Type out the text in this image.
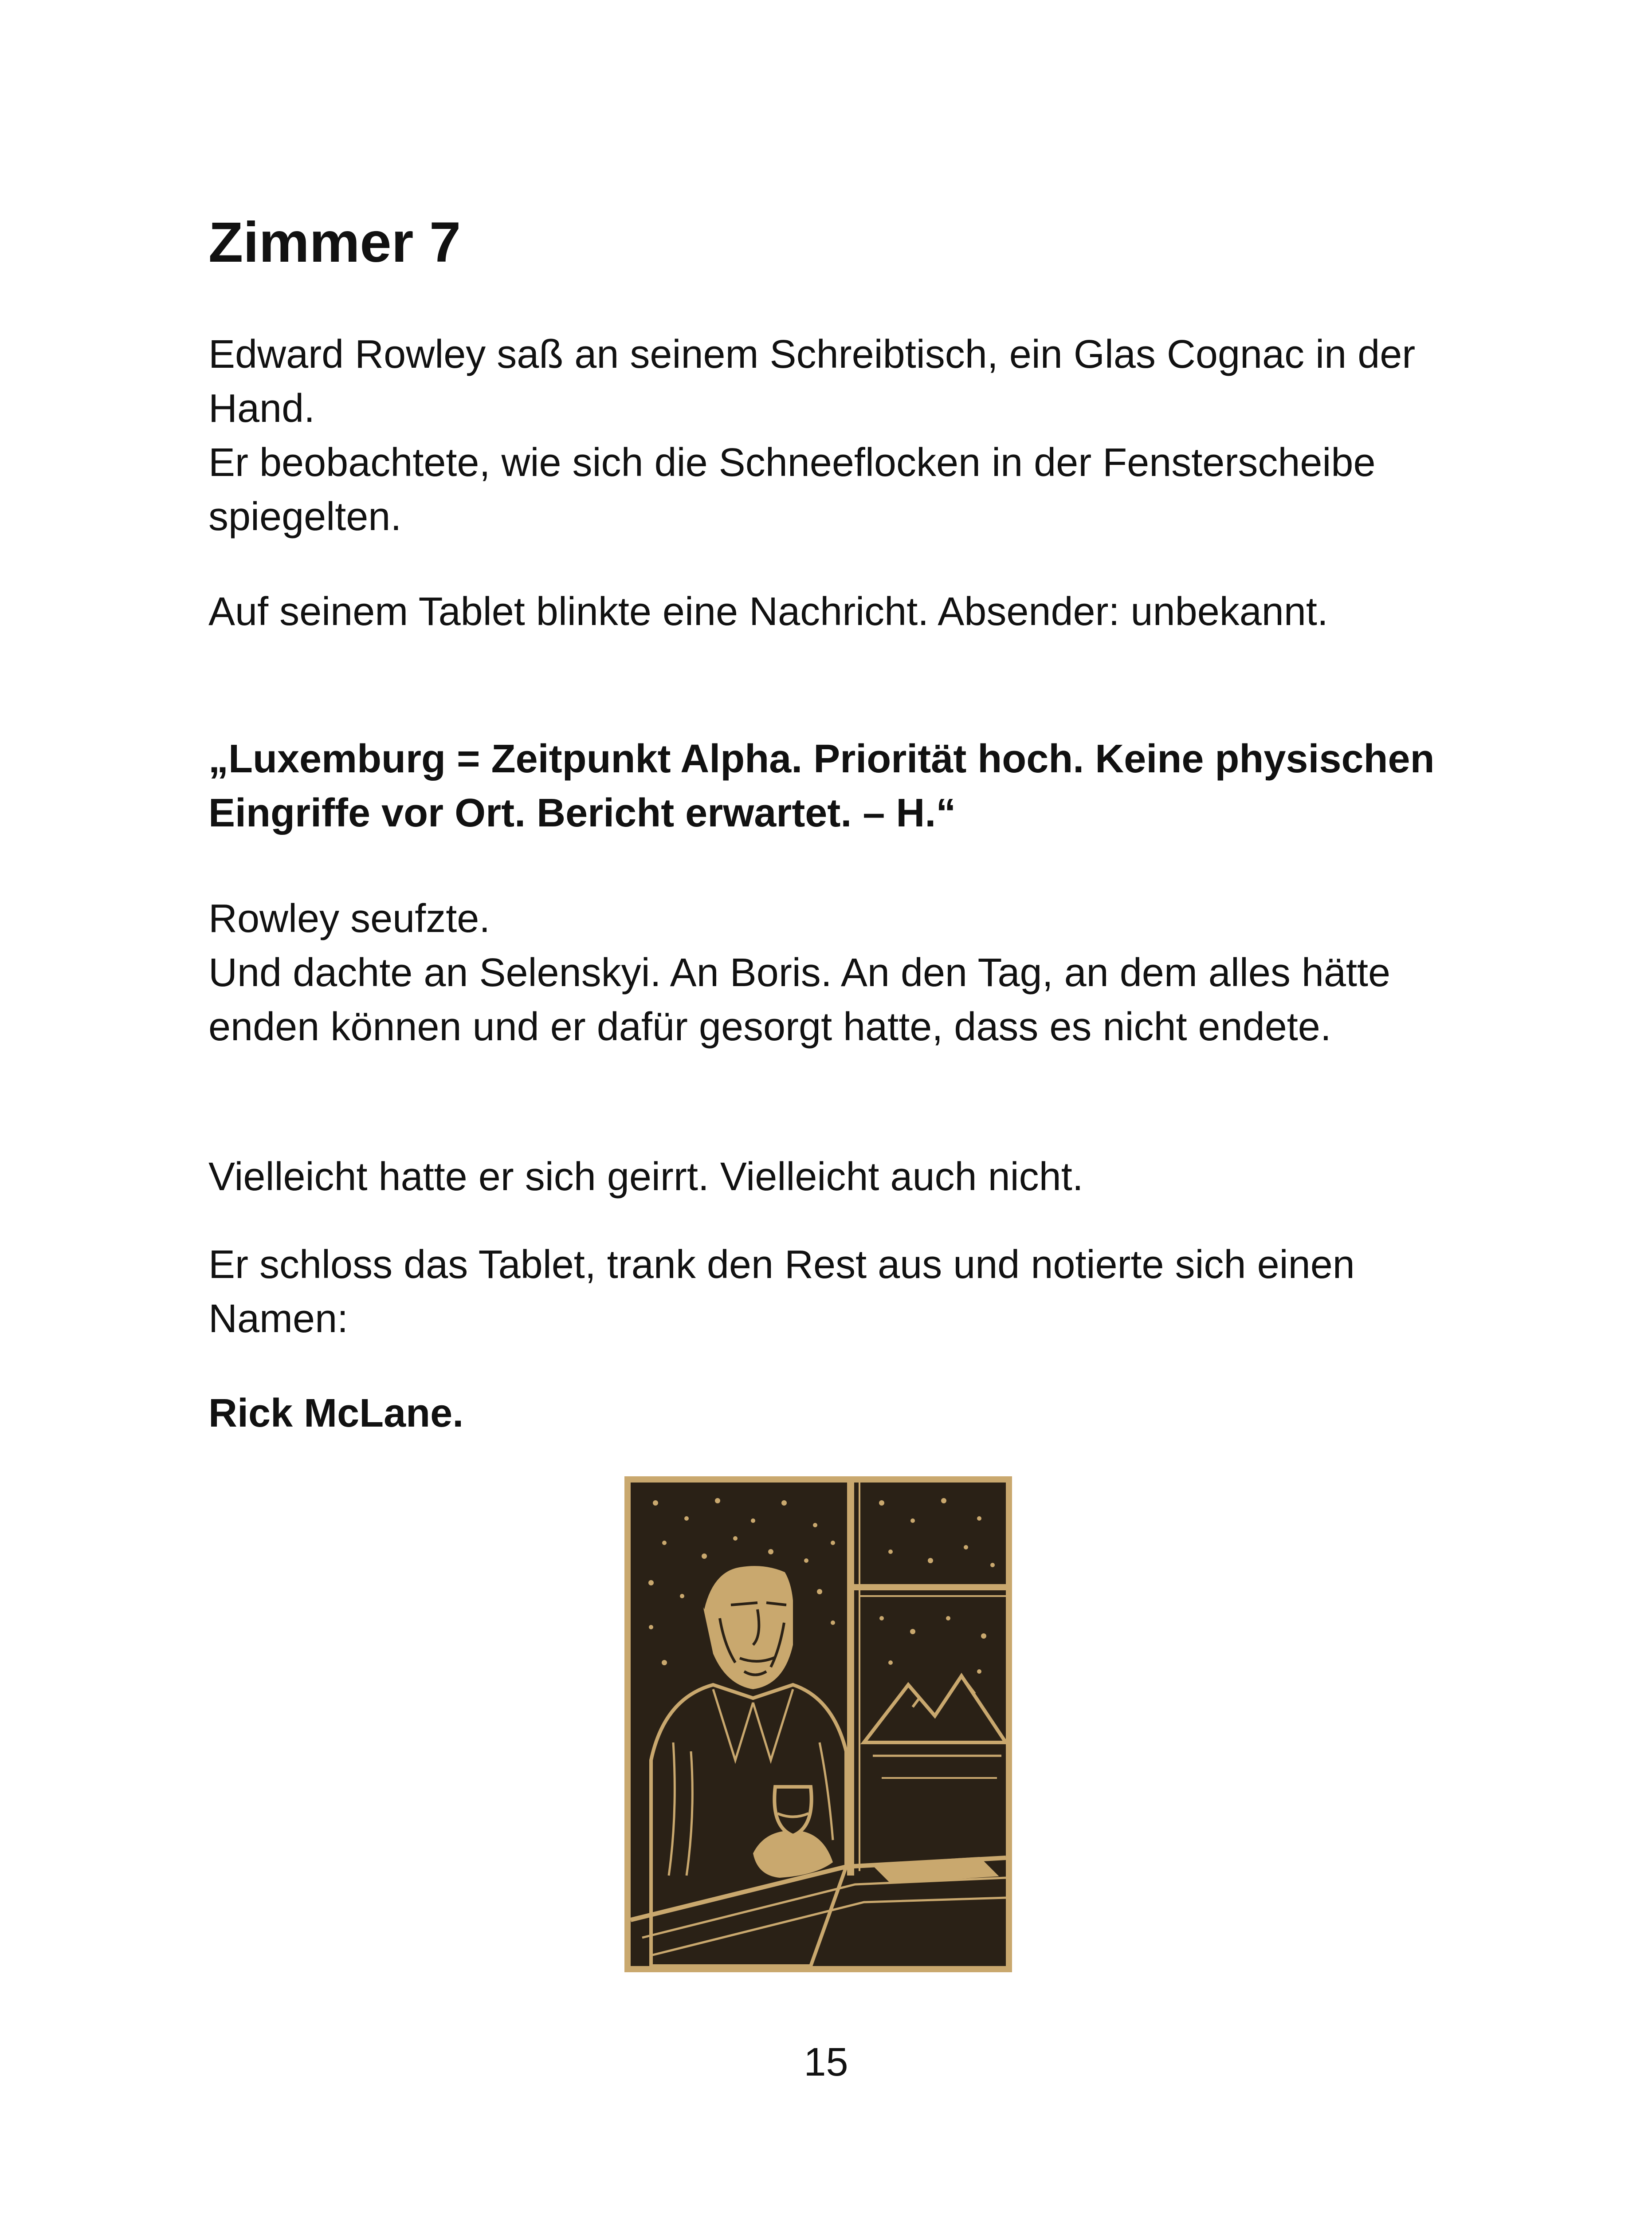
Zimmer 7
Edward Rowley saß an seinem Schreibtisch, ein Glas Cognac in der Hand.
Er beobachtete, wie sich die Schneeflocken in der Fensterscheibe spiegelten.

Auf seinem Tablet blinkte eine Nachricht. Absender: unbekannt.

„Luxemburg = Zeitpunkt Alpha. Priorität hoch. Keine physischen Eingriffe vor Ort. Bericht erwartet. – H.“

Rowley seufzte.
Und dachte an Selenskyi. An Boris. An den Tag, an dem alles hätte enden können und er dafür gesorgt hatte, dass es nicht endete.

Vielleicht hatte er sich geirrt. Vielleicht auch nicht.

Er schloss das Tablet, trank den Rest aus und notierte sich einen Namen:

Rick McLane.

15
